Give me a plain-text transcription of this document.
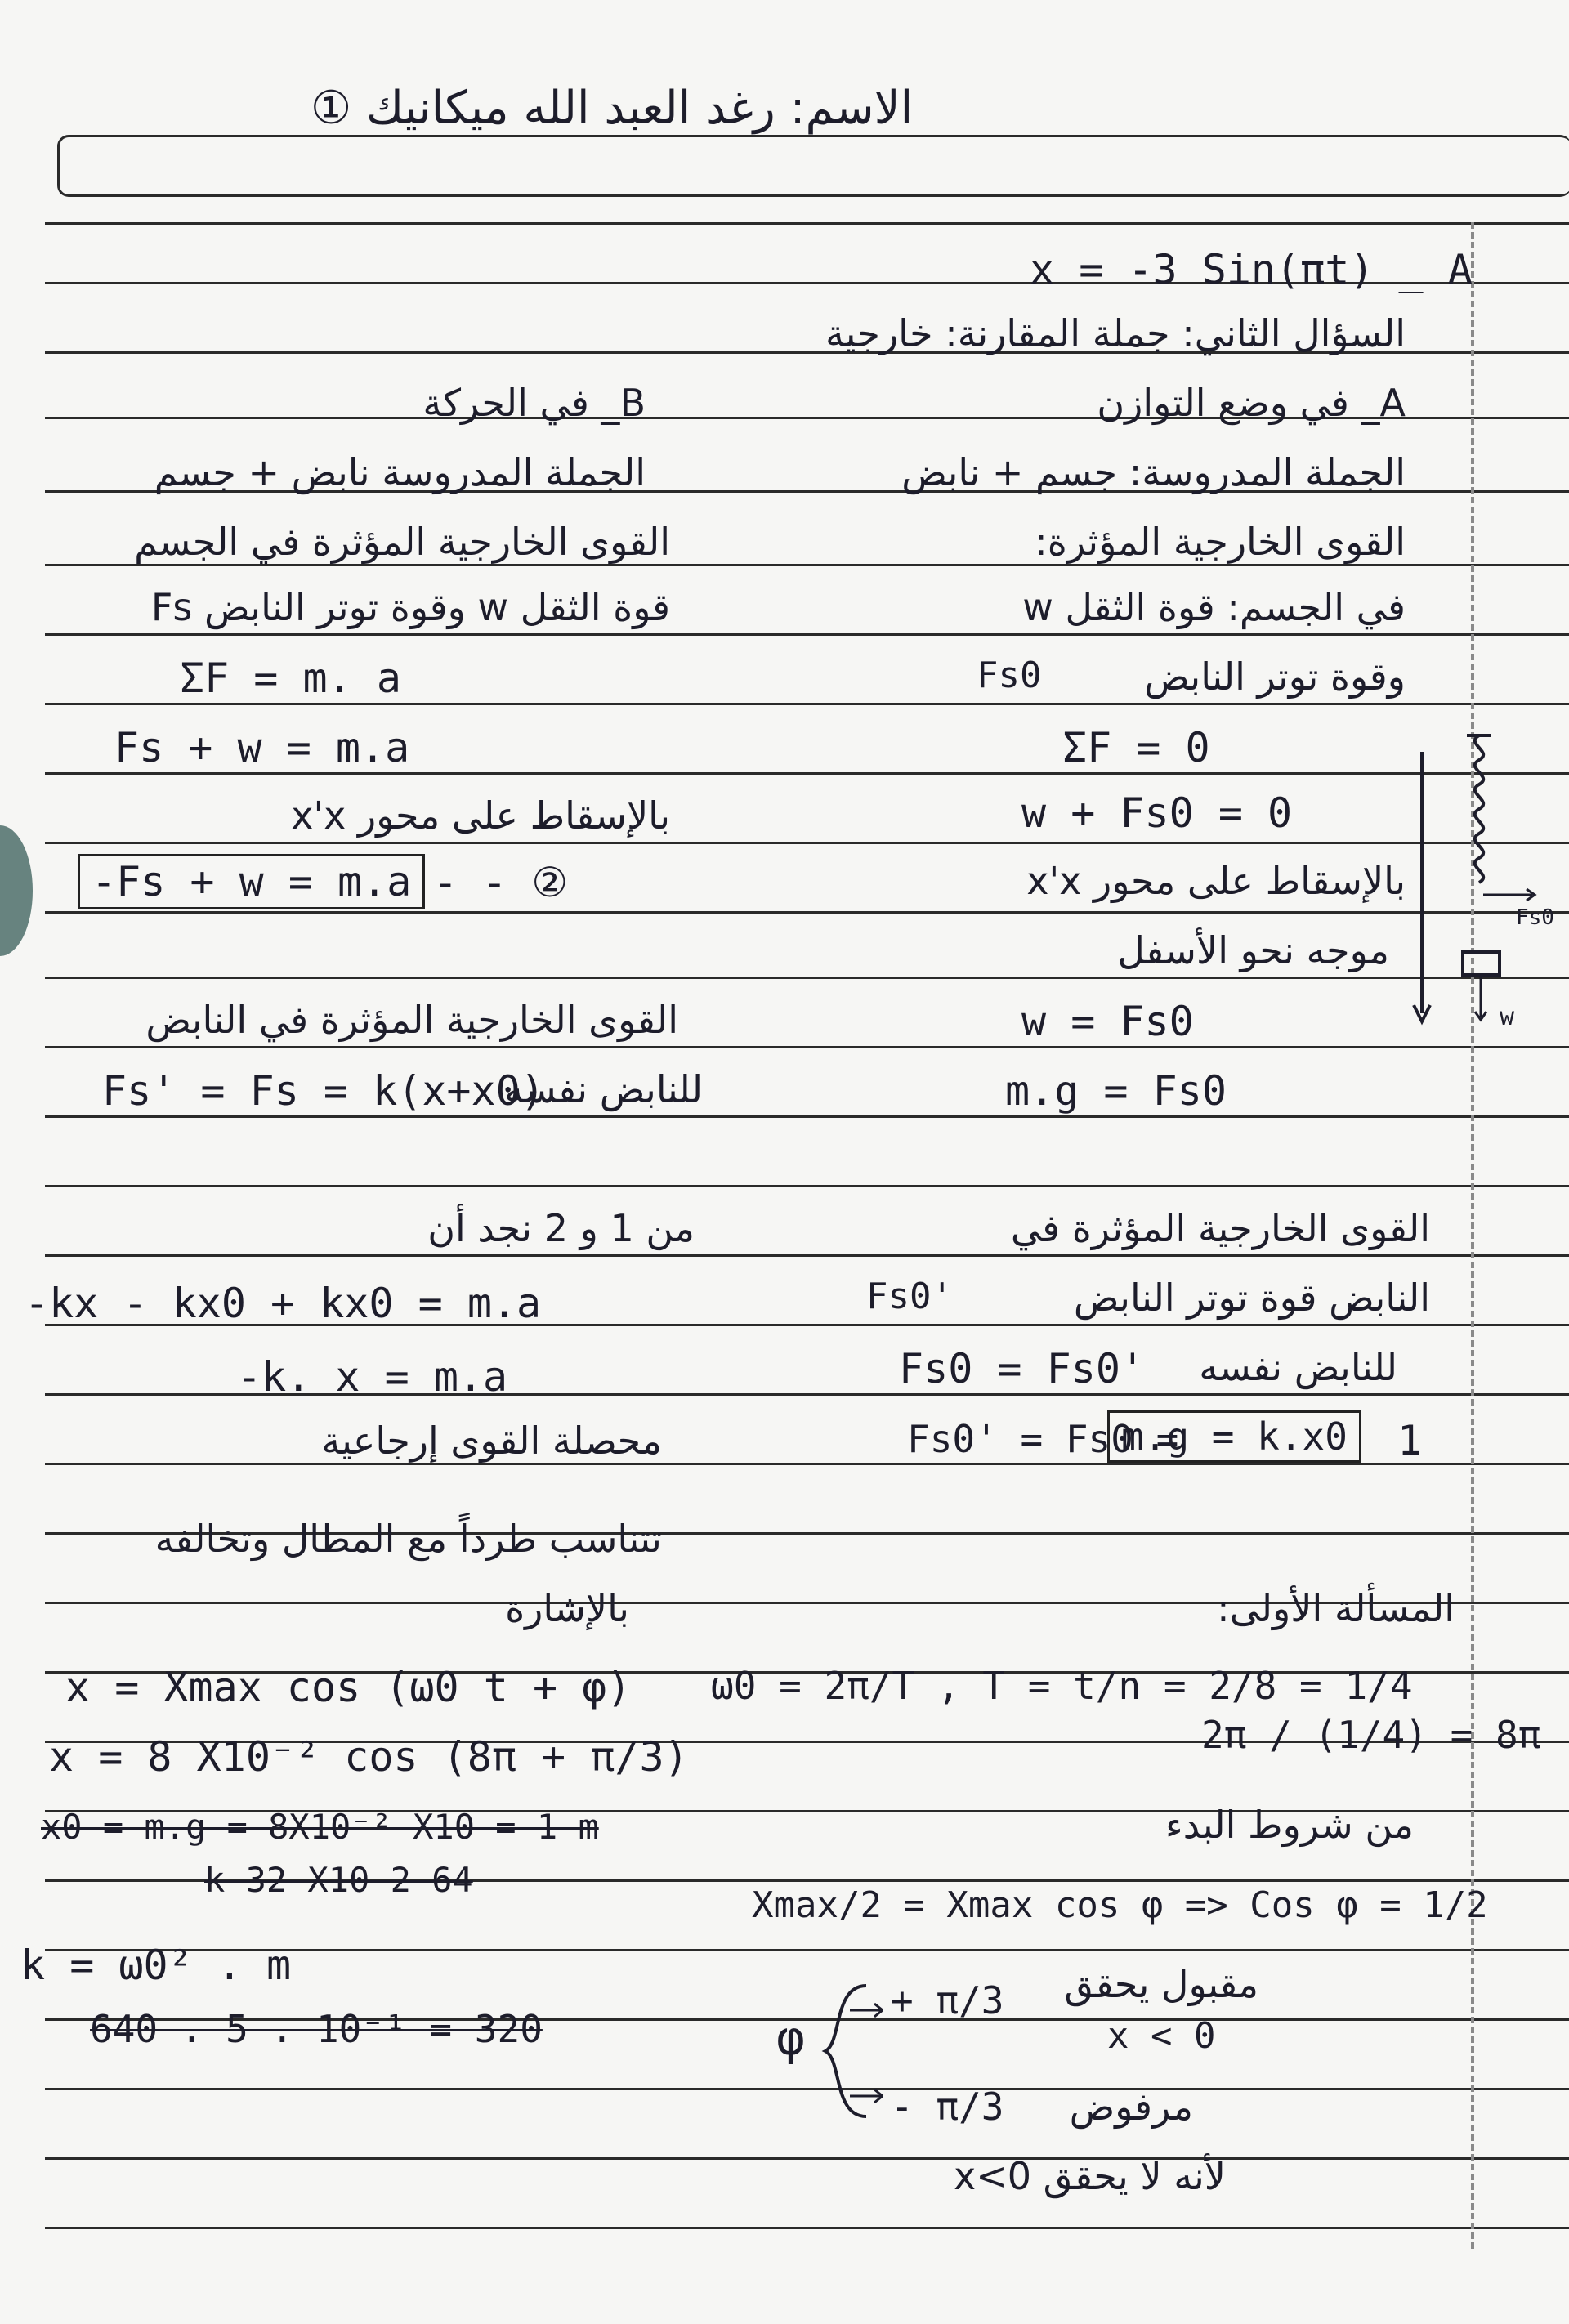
الاسم: رغد العبد الله ميكانيك ①
x = -3 Sin(πt) _ A
السؤال الثاني: جملة المقارنة: خارجية
A_ في وضع التوازن
الجملة المدروسة: جسم + نابض
القوى الخارجية المؤثرة:
في الجسم: قوة الثقل w
Fs0	وقوة توتر النابض
ΣF = 0
w + Fs0 = 0
بالإسقاط على محور x'x
موجه نحو الأسفل
w = Fs0
m.g = Fs0
القوى الخارجية المؤثرة في
النابض قوة توتر النابض
Fs0'
Fs0 = Fs0'	للنابض نفسه
Fs0' = Fs0 =
m.g = k.x0	1
B_ في الحركة
الجملة المدروسة نابض + جسم
القوى الخارجية المؤثرة في الجسم
قوة الثقل w وقوة توتر النابض Fs
ΣF = m. a
Fs + w = m.a
بالإسقاط على محور x'x
-Fs + w = m.a - - ②
القوى الخارجية المؤثرة في النابض
Fs' = Fs = k(x+x0)
للنابض نفسه
من 1 و 2 نجد أن
-kx - kx0 + kx0 = m.a
-k. x = m.a
محصلة القوى إرجاعية
تتناسب طرداً مع المطال وتخالفه
بالإشارة	المسألة الأولى:
ω0 = 2π/T , T = t/n = 2/8 = 1/4
2π / (1/4) = 8π
x = Xmax cos (ω0 t + φ)
x = 8 X10⁻² cos (8π + π/3)
من شروط البدء
x0 = m.g = 8X10⁻² X10 = 1 m
k 32 X10 2 64
Xmax/2 = Xmax cos φ => Cos φ = 1/2
k = ω0² . m
640 . 5 . 10⁻¹ = 320	φ
+ π/3 مقبول يحقق
x < 0
- π/3	مرفوض
لأنه لا يحقق x<0
Fs0
w
